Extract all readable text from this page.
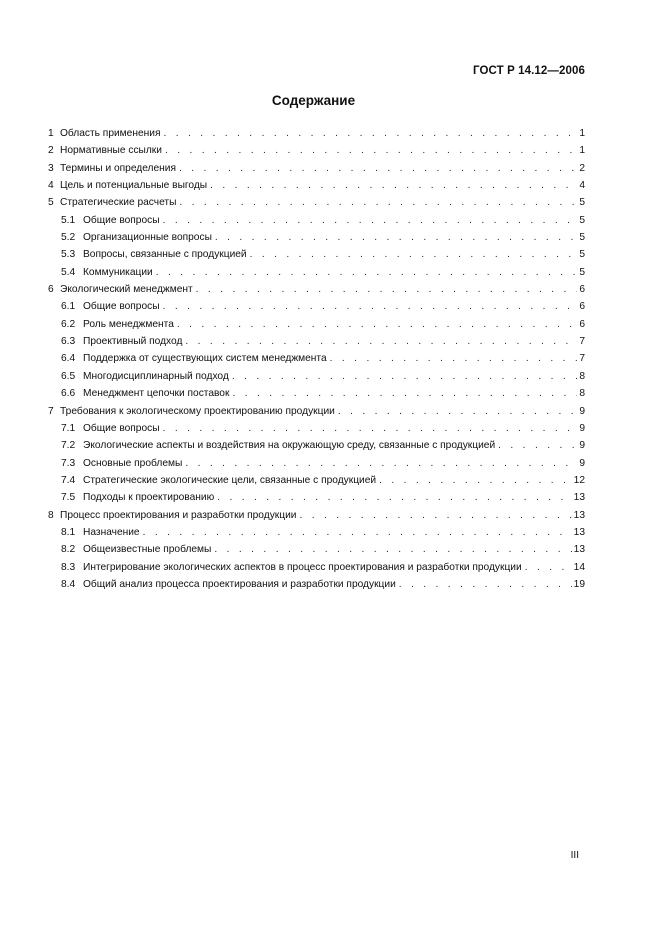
ГОСТ Р 14.12—2006
Содержание
1 Область применения . . .	1
2 Нормативные ссылки . . .	1
3 Термины и определения . . .	2
4 Цель и потенциальные выгоды . . .	4
5 Стратегические расчеты . . .	5
5.1 Общие вопросы . . .	5
5.2 Организационные вопросы . . .	5
5.3 Вопросы, связанные с продукцией . . .	5
5.4 Коммуникации . . .	5
6 Экологический менеджмент . . .	6
6.1 Общие вопросы . . .	6
6.2 Роль менеджмента . . .	6
6.3 Проективный подход . . .	7
6.4 Поддержка от существующих систем менеджмента . . .	7
6.5 Многодисциплинарный подход . . .	8
6.6 Менеджмент цепочки поставок . . .	8
7 Требования к экологическому проектированию продукции . . .	9
7.1 Общие вопросы . . .	9
7.2 Экологические аспекты и воздействия на окружающую среду, связанные с продукцией . . .	9
7.3 Основные проблемы . . .	9
7.4 Стратегические экологические цели, связанные с продукцией . . .	12
7.5 Подходы к проектированию . . .	13
8 Процесс проектирования и разработки продукции . . .	13
8.1 Назначение . . .	13
8.2 Общеизвестные проблемы . . .	13
8.3 Интегрирование экологических аспектов в процесс проектирования и разработки продукции . . .	14
8.4 Общий анализ процесса проектирования и разработки продукции . . .	19
III
